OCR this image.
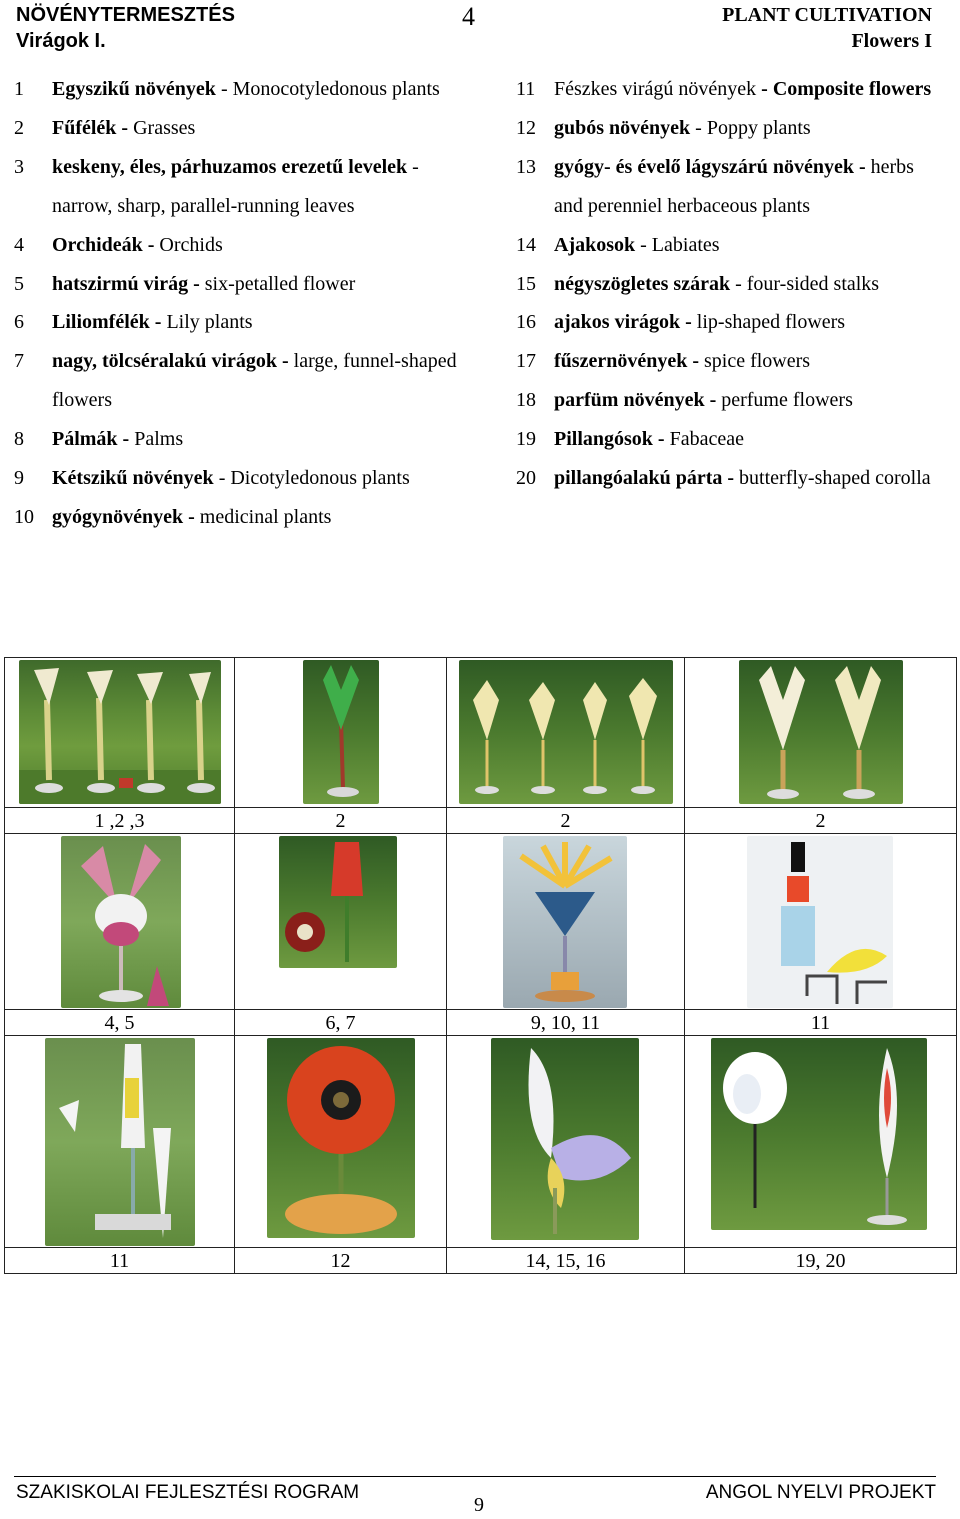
NÖVÉNYTERMESZTÉS
Virágok I.
4	PLANT CULTIVATION
Flowers I
1	Egyszikű növények - Monocotyledonous plants
2	Fűfélék - Grasses
3	keskeny, éles, párhuzamos erezetű levelek - narrow, sharp, parallel-running leaves
4	Orchideák - Orchids
5	hatszirmú virág - six-petalled flower
6	Liliomfélék - Lily plants
7	nagy, tölcséralakú virágok - large, funnel-shaped flowers
8	Pálmák - Palms
9	Kétszikű növények - Dicotyledonous plants
10 gyógynövények - medicinal plants
11 Fészkes virágú növények - Composite flowers
12 gubós növények - Poppy plants
13 gyógy- és évelő lágyszárú növények - herbs and perenniel herbaceous plants
14 Ajakosok - Labiates
15 négyszögletes szárak - four-sided stalks
16 ajakos virágok - lip-shaped flowers
17 fűszernövények - spice flowers
18 parfüm növények - perfume flowers
19 Pillangósok - Fabaceae
20 pillangóalakú párta - butterfly-shaped corolla

1 ,2 ,3	2	2	2

4, 5	6, 7	9, 10, 11	11

11	12	14, 15, 16	19, 20
SZAKISKOLAI FEJLESZTÉSI ROGRAM
9
ANGOL NYELVI PROJEKT
